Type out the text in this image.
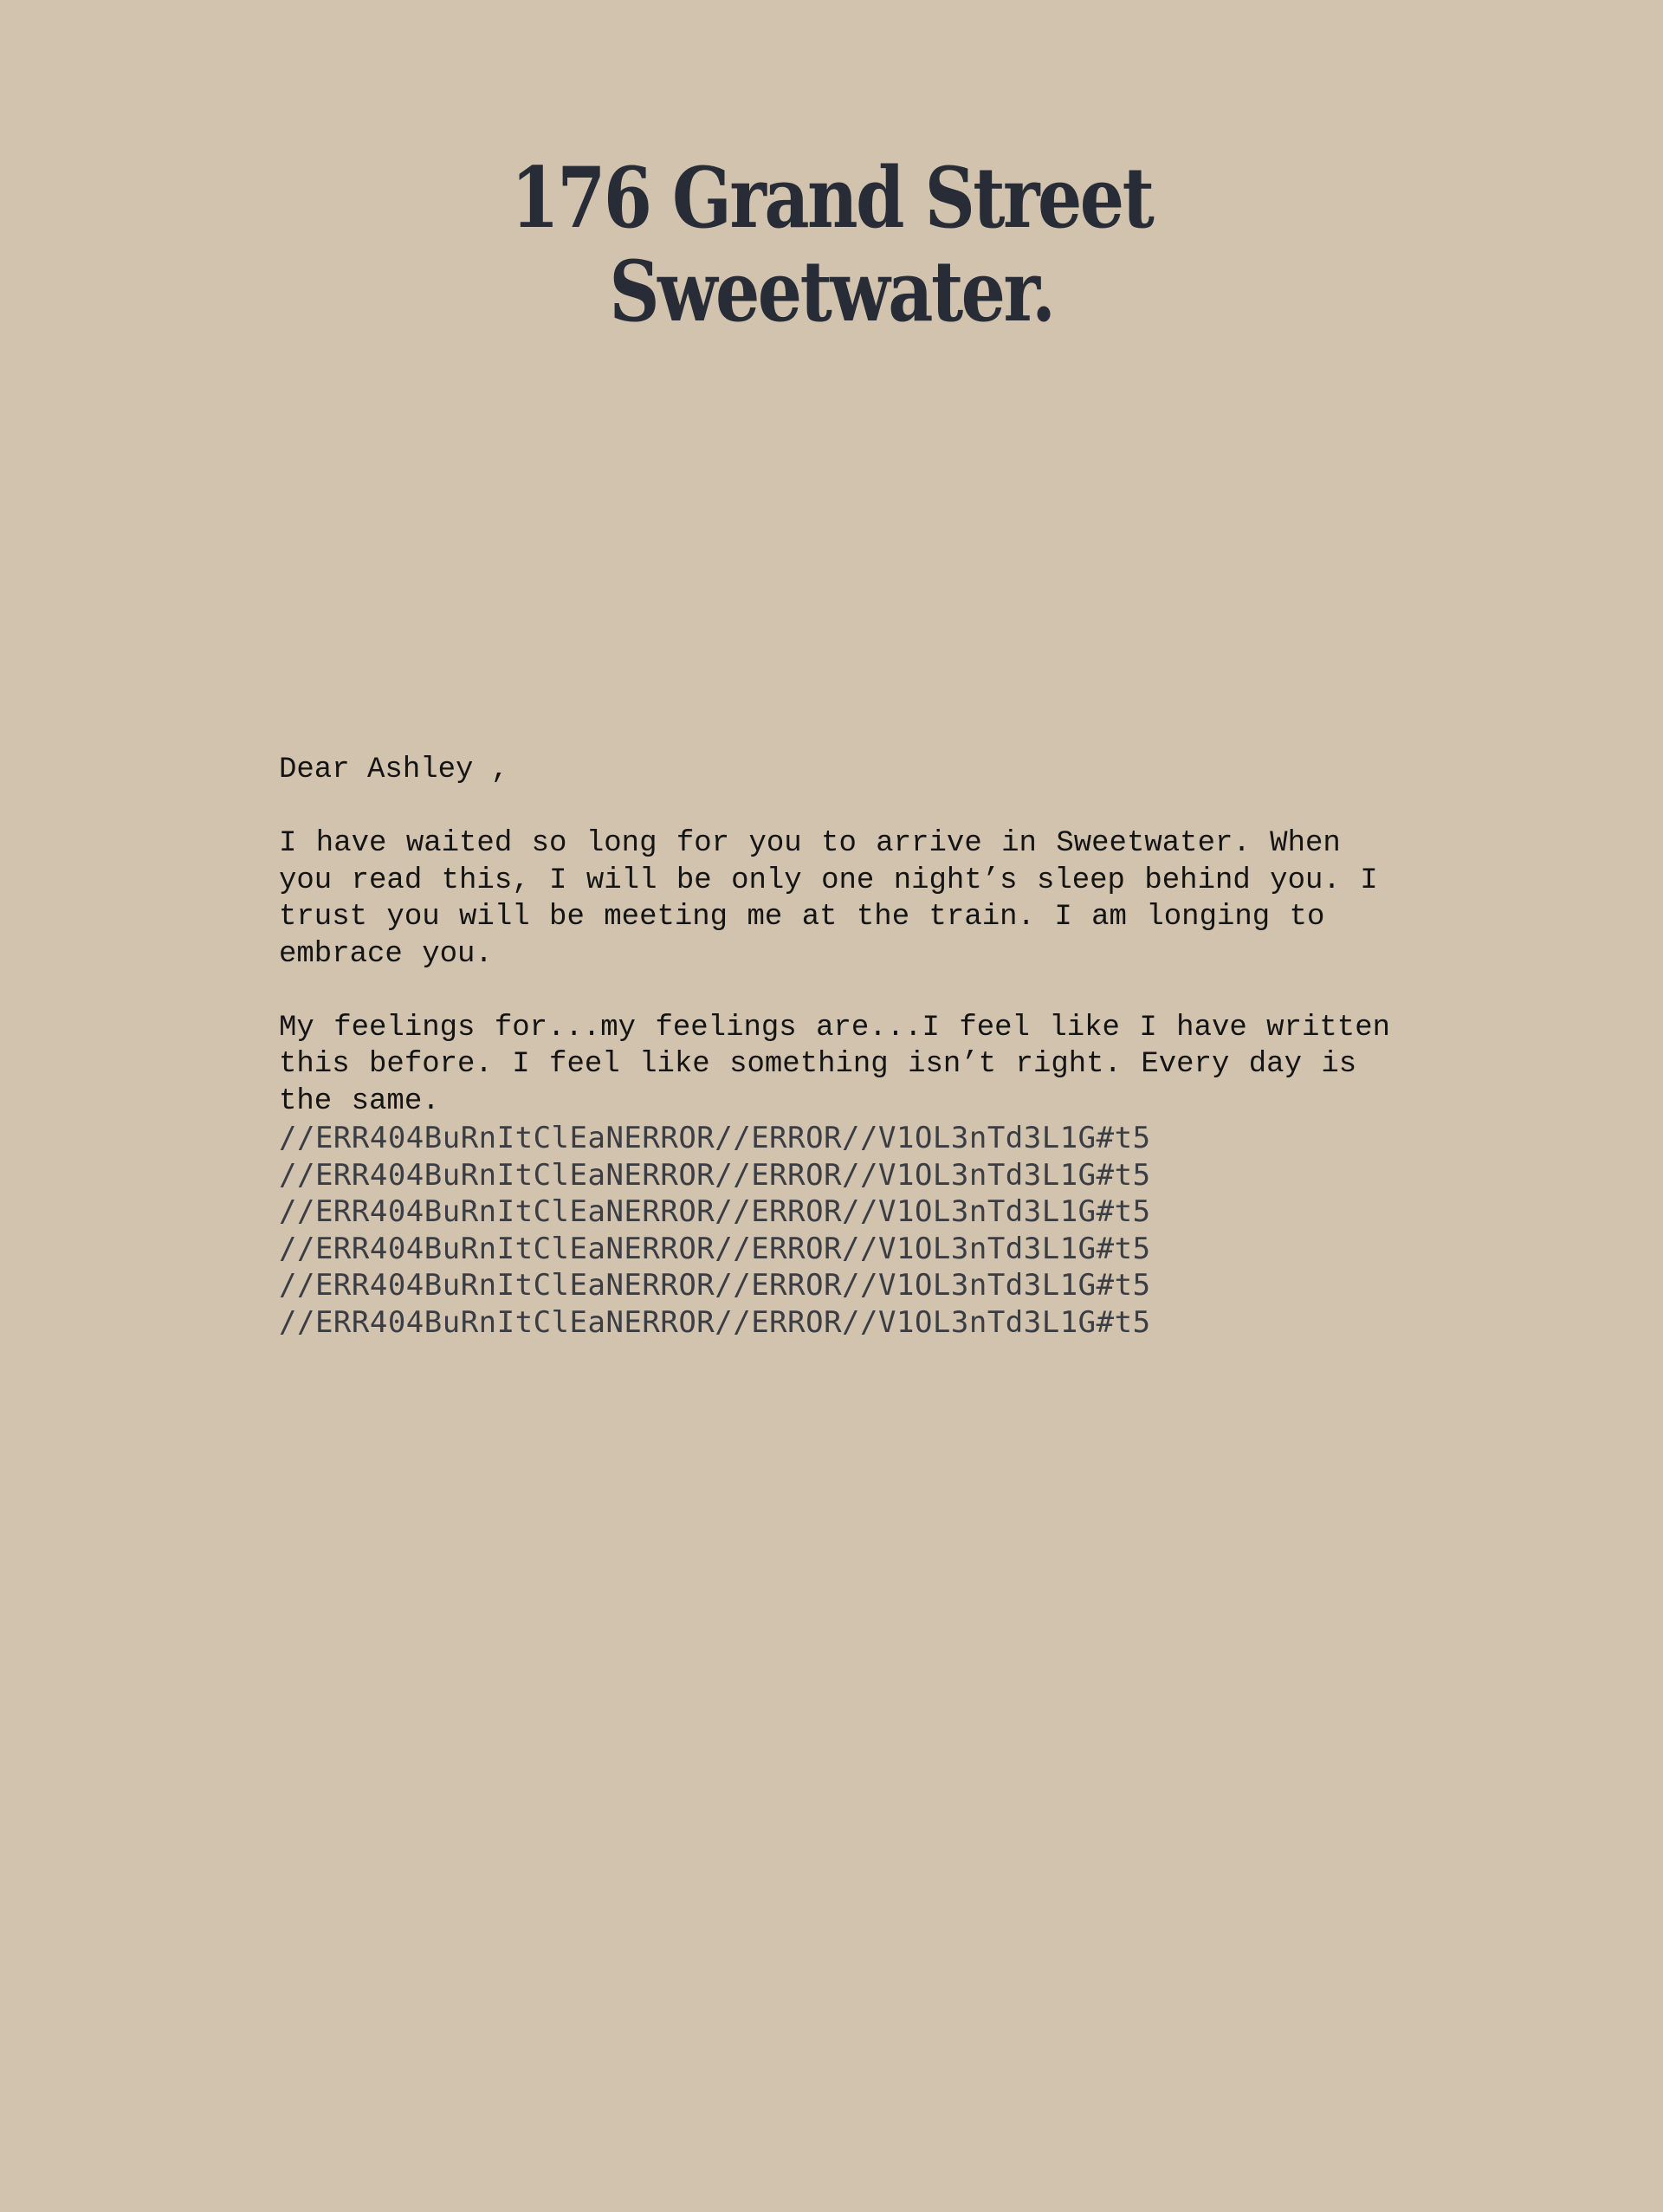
176 Grand Street
Sweetwater.

Dear Ashley ,

I have waited so long for you to arrive in Sweetwater. When you read this, I will be only one night’s sleep behind you. I trust you will be meeting me at the train. I am longing to embrace you.

My feelings for...my feelings are...I feel like I have written this before. I feel like something isn’t right. Every day is the same.

//ERR404BuRnItClEaNERROR//ERROR//V1OL3nTd3L1G#t5
//ERR404BuRnItClEaNERROR//ERROR//V1OL3nTd3L1G#t5
//ERR404BuRnItClEaNERROR//ERROR//V1OL3nTd3L1G#t5
//ERR404BuRnItClEaNERROR//ERROR//V1OL3nTd3L1G#t5
//ERR404BuRnItClEaNERROR//ERROR//V1OL3nTd3L1G#t5
//ERR404BuRnItClEaNERROR//ERROR//V1OL3nTd3L1G#t5
